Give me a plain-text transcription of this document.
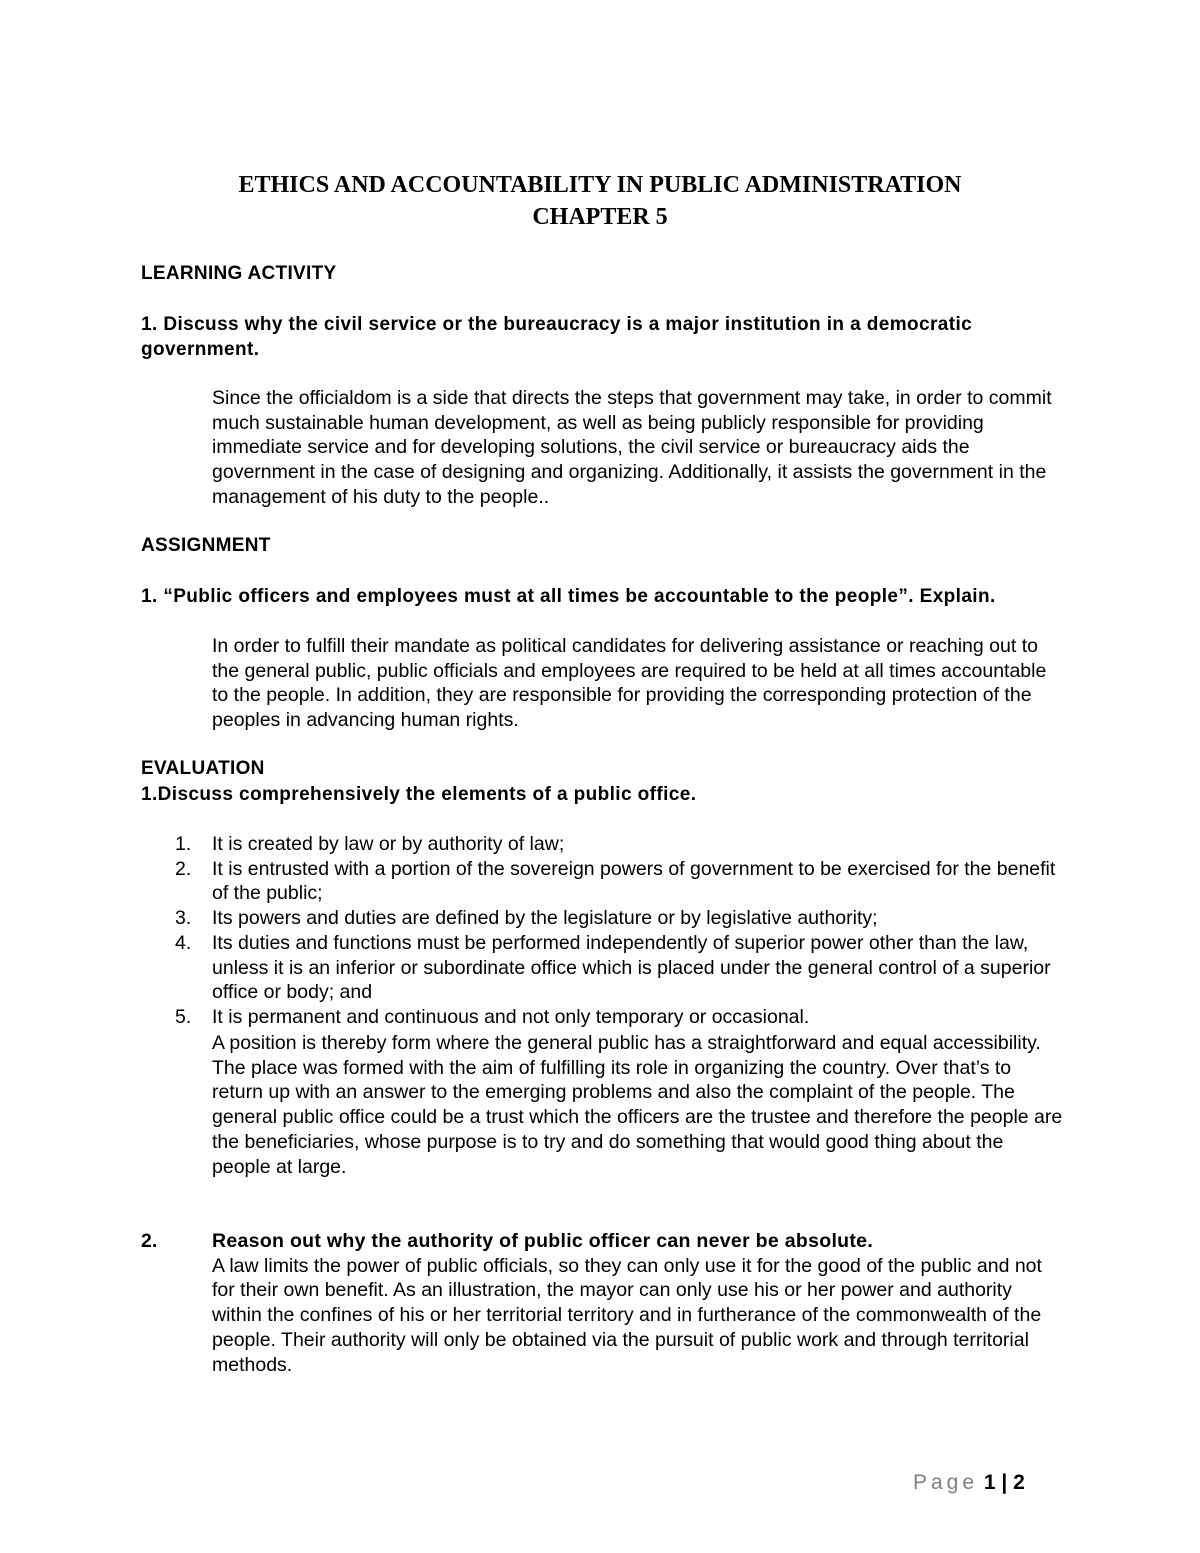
ETHICS AND ACCOUNTABILITY IN PUBLIC ADMINISTRATION
CHAPTER 5
LEARNING ACTIVITY
1. Discuss why the civil service or the bureaucracy is a major institution in a democratic government.
Since the officialdom is a side that directs the steps that government may take, in order to commit much sustainable human development, as well as being publicly responsible for providing immediate service and for developing solutions, the civil service or bureaucracy aids the government in the case of designing and organizing. Additionally, it assists the government in the management of his duty to the people..
ASSIGNMENT
1. “Public officers and employees must at all times be accountable to the people”. Explain.
In order to fulfill their mandate as political candidates for delivering assistance or reaching out to the general public, public officials and employees are required to be held at all times accountable to the people. In addition, they are responsible for providing the corresponding protection of the peoples in advancing human rights.
EVALUATION
1.Discuss comprehensively the elements of a public office.
1.	It is created by law or by authority of law;
2.	It is entrusted with a portion of the sovereign powers of government to be exercised for the benefit of the public;
3.	Its powers and duties are defined by the legislature or by legislative authority;
4.	Its duties and functions must be performed independently of superior power other than the law, unless it is an inferior or subordinate office which is placed under the general control of a superior office or body; and
5.	It is permanent and continuous and not only temporary or occasional.
A position is thereby form where the general public has a straightforward and equal accessibility. The place was formed with the aim of fulfilling its role in organizing the country. Over that’s to return up with an answer to the emerging problems and also the complaint of the people. The general public office could be a trust which the officers are the trustee and therefore the people are the beneficiaries, whose purpose is to try and do something that would good thing about the people at large.
2.	Reason out why the authority of public officer can never be absolute.
A law limits the power of public officials, so they can only use it for the good of the public and not for their own benefit. As an illustration, the mayor can only use his or her power and authority within the confines of his or her territorial territory and in furtherance of the commonwealth of the people. Their authority will only be obtained via the pursuit of public work and through territorial methods.
Page 1 | 2
